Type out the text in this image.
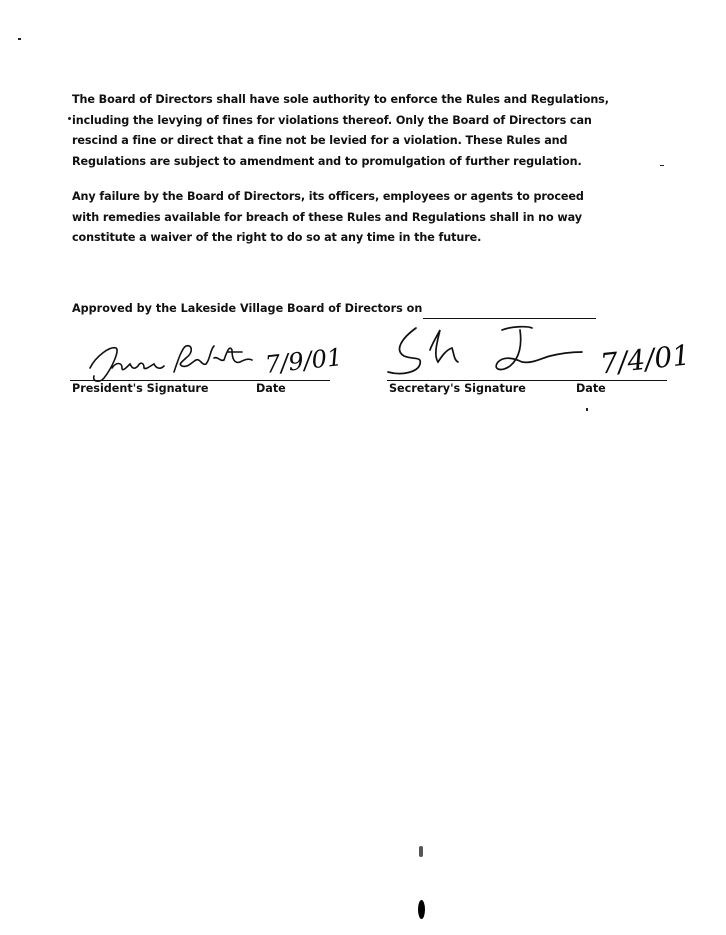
The Board of Directors shall have sole authority to enforce the Rules and Regulations,
including the levying of fines for violations thereof. Only the Board of Directors can
rescind a fine or direct that a fine not be levied for a violation. These Rules and
Regulations are subject to amendment and to promulgation of further regulation.
Any failure by the Board of Directors, its officers, employees or agents to proceed
with remedies available for breach of these Rules and Regulations shall in no way
constitute a waiver of the right to do so at any time in the future.
Approved by the Lakeside Village Board of Directors on
7/9/01	7/4/01
President's Signature	Date	Secretary's Signature	Date
